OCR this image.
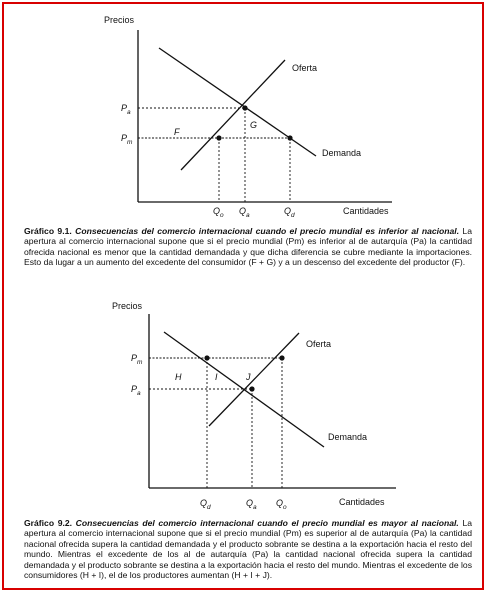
Precios
Cantidades
Oferta
Demanda
$P_a$
$P_m$
$Q_o$ $Q_a$	$Q_d$
F
G
Gráfico 9.1. Consecuencias del comercio internacional cuando el precio mundial es inferior al nacional. La apertura al comercio internacional supone que si el precio mundial (Pm) es inferior al de autarquía (Pa) la cantidad ofrecida nacional es menor que la cantidad demandada y que dicha diferencia se cubre mediante la importaciones. Esto da lugar a un aumento del excedente del consumidor (F + G) y a un descenso del excedente del productor (F).
Precios
Cantidades
Oferta
Demanda
$P_m$
$P_a$
$Q_d$	$Q_a$ $Q_o$
H	I	J
Gráfico 9.2. Consecuencias del comercio internacional cuando el precio mundial es mayor al nacional. La apertura al comercio internacional supone que si el precio mundial (Pm) es superior al de autarquía (Pa) la cantidad nacional ofrecida supera la cantidad demandada y el producto sobrante se destina a la exportación hacia el resto del mundo. Mientras el excedente de los al de autarquía (Pa) la cantidad nacional ofrecida supera la cantidad demandada y el producto sobrante se destina a la exportación hacia el resto del mundo. Mientras el excedente de los consumidores (H + I), el de los productores aumentan (H + I + J).
